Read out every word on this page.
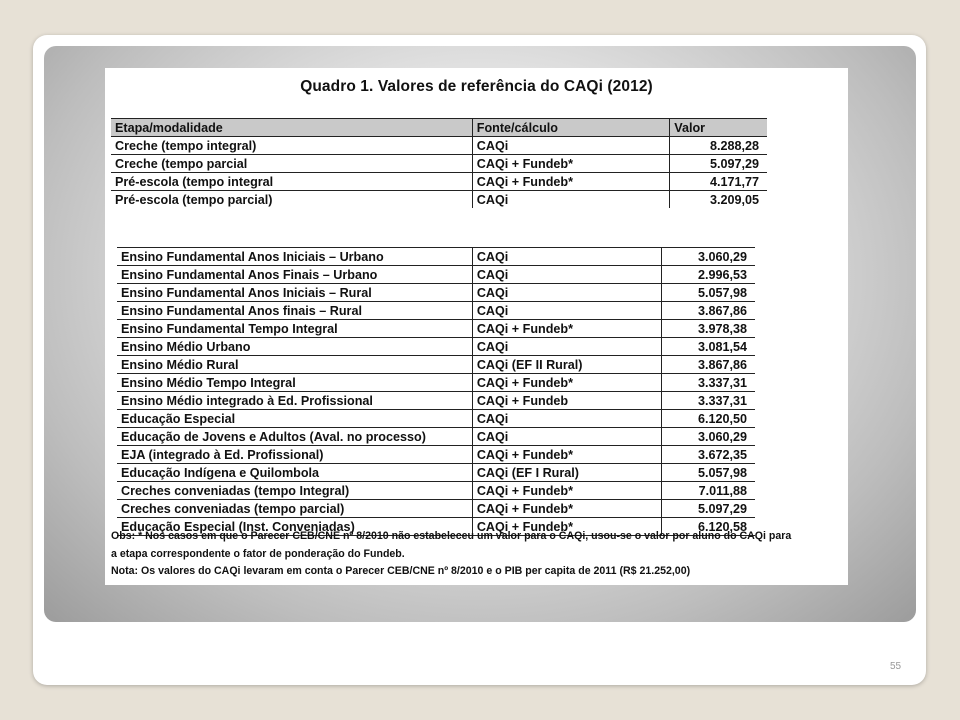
Quadro 1. Valores de referência do CAQi (2012)
Etapa/modalidade	Fonte/cálculo	Valor
Creche (tempo integral)	CAQi	8.288,28
Creche (tempo parcial	CAQi + Fundeb*	5.097,29
Pré-escola (tempo integral	CAQi + Fundeb*	4.171,77
Pré-escola (tempo parcial)	CAQi	3.209,05
Ensino Fundamental Anos Iniciais – Urbano	CAQi	3.060,29
Ensino Fundamental Anos Finais – Urbano	CAQi	2.996,53
Ensino Fundamental Anos Iniciais – Rural	CAQi	5.057,98
Ensino Fundamental Anos finais – Rural	CAQi	3.867,86
Ensino Fundamental Tempo Integral	CAQi + Fundeb*	3.978,38
Ensino Médio Urbano	CAQi	3.081,54
Ensino Médio Rural	CAQi (EF II Rural)	3.867,86
Ensino Médio Tempo Integral	CAQi + Fundeb*	3.337,31
Ensino Médio integrado à Ed. Profissional	CAQi + Fundeb	3.337,31
Educação Especial	CAQi	6.120,50
Educação de Jovens e Adultos (Aval. no processo)	CAQi	3.060,29
EJA (integrado à Ed. Profissional)	CAQi + Fundeb*	3.672,35
Educação Indígena e Quilombola	CAQi (EF I Rural)	5.057,98
Creches conveniadas (tempo Integral)	CAQi + Fundeb*	7.011,88
Creches conveniadas (tempo parcial)	CAQi + Fundeb*	5.097,29
Educação Especial (Inst. Conveniadas)	CAQi + Fundeb*	6.120,58

Obs: * Nos casos em que o Parecer CEB/CNE nº 8/2010 não estabeleceu um valor para o CAQi, usou-se o valor por aluno do CAQi para

a etapa correspondente o fator de ponderação do Fundeb.

Nota: Os valores do CAQi levaram em conta o Parecer CEB/CNE nº 8/2010 e o PIB per capita de 2011 (R$ 21.252,00)

55
